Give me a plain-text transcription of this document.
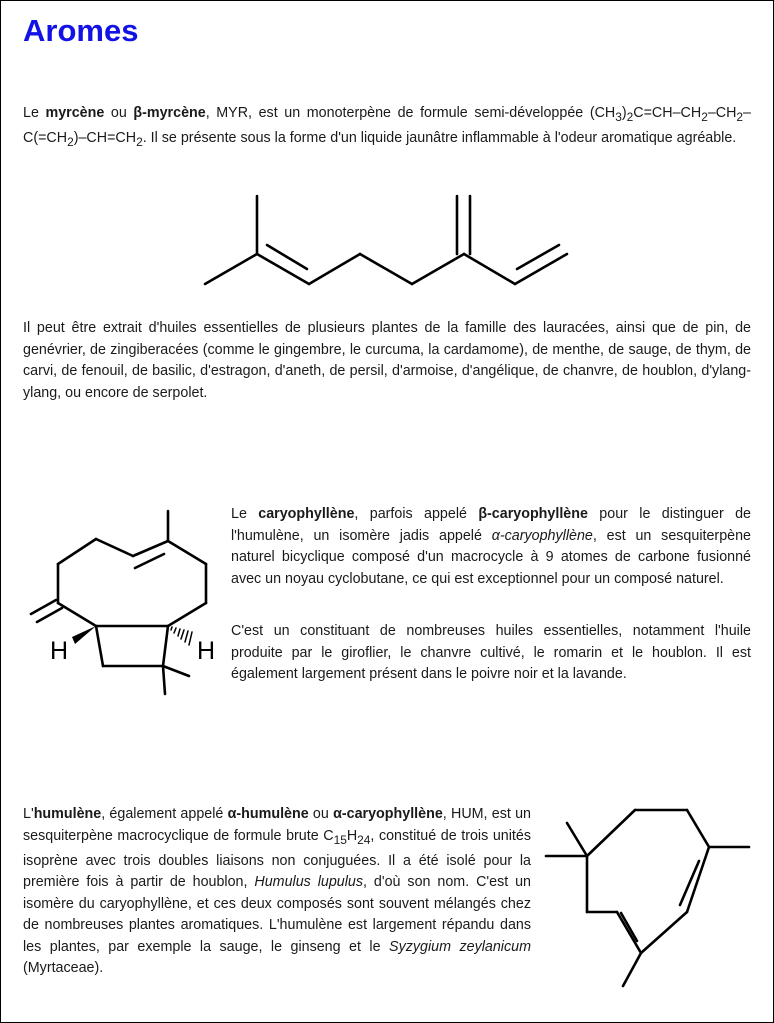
Aromes

Le myrcène ou β-myrcène, MYR, est un monoterpène de formule semi-développée $(CH_3)_2C=CH-CH_2-CH_2-C(=CH_2)-CH=CH_2$. Il se présente sous la forme d'un liquide jaunâtre inflammable à l'odeur aromatique agréable.

Il peut être extrait d'huiles essentielles de plusieurs plantes de la famille des lauracées, ainsi que de pin, de genévrier, de zingiberacées (comme le gingembre, le curcuma, la cardamome), de menthe, de sauge, de thym, de carvi, de fenouil, de basilic, d'estragon, d'aneth, de persil, d'armoise, d'angélique, de chanvre, de houblon, d'ylang-ylang, ou encore de serpolet.

H	H

Le caryophyllène, parfois appelé β-caryophyllène pour le distinguer de l'humulène, un isomère jadis appelé α-caryophyllène, est un sesquiterpène naturel bicyclique composé d'un macrocycle à 9 atomes de carbone fusionné avec un noyau cyclobutane, ce qui est exceptionnel pour un composé naturel.

C'est un constituant de nombreuses huiles essentielles, notamment l'huile produite par le giroflier, le chanvre cultivé, le romarin et le houblon. Il est également largement présent dans le poivre noir et la lavande.

L'humulène, également appelé α-humulène ou α-caryophyllène, HUM, est un sesquiterpène macrocyclique de formule brute $C_{15}H_{24}$, constitué de trois unités isoprène avec trois doubles liaisons non conjuguées. Il a été isolé pour la première fois à partir de houblon, Humulus lupulus, d'où son nom. C'est un isomère du caryophyllène, et ces deux composés sont souvent mélangés chez de nombreuses plantes aromatiques. L'humulène est largement répandu dans les plantes, par exemple la sauge, le ginseng et le Syzygium zeylanicum (Myrtaceae).
